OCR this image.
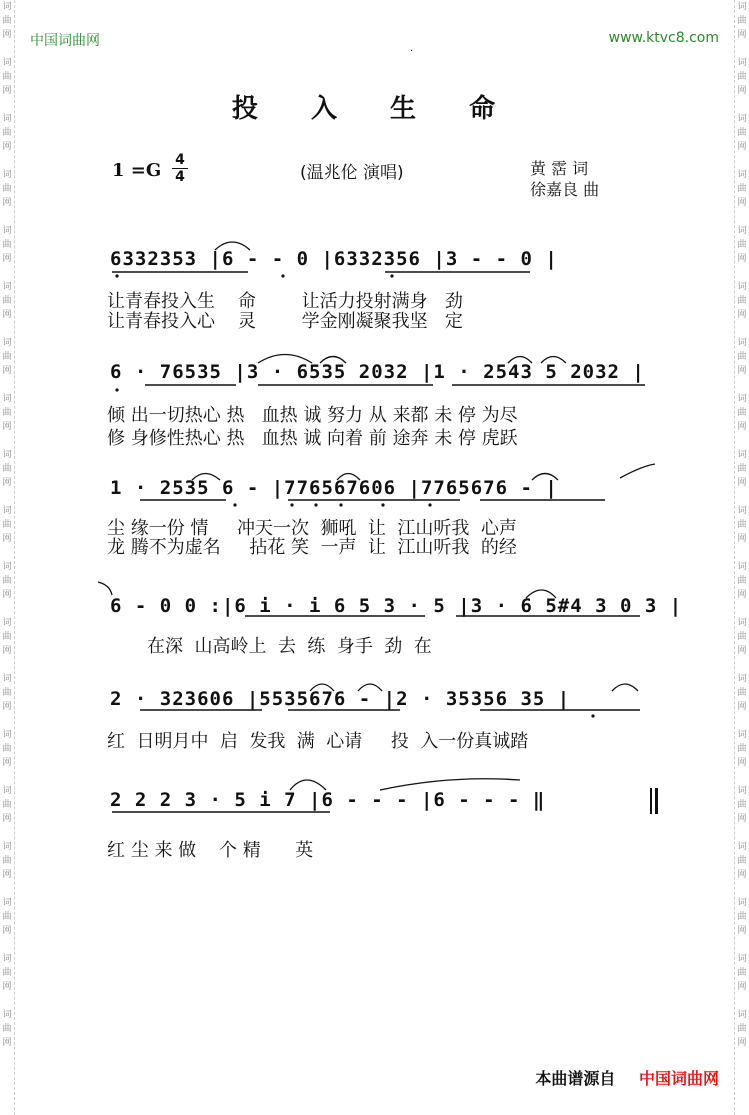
词曲网

词曲网

词曲网

词曲网

词曲网

词曲网

词曲网

词曲网

词曲网

词曲网

词曲网

词曲网

词曲网

词曲网

词曲网

词曲网

词曲网

词曲网

词曲网

词曲网

词曲网

词曲网

词曲网

词曲网

词曲网

词曲网

词曲网

词曲网

词曲网

词曲网

词曲网

词曲网

词曲网

词曲网

词曲网

词曲网

词曲网

词曲网

中国词曲网	www.ktvc8.com
.
投 入 生 命
1 =G 4
4	(温兆伦 演唱)	黄 霑 词
徐嘉良 曲
6332353 |6 - - 0 |6332356 |3 - - 0 |
让青春投入生    命        让活力投射满身   劲
让青春投入心    灵        学金刚凝聚我坚   定
6 · 76535 |3 · 6535 2032 |1 · 2543 5 2032 |
倾 出一切热心 热   血热 诚 努力 从 来都 未 停 为尽
修 身修性热心 热   血热 诚 向着 前 途奔 未 停 虎跃
1 · 2535 6 - |776567606 |7765676 - |
尘 缘一份 情     冲天一次  狮吼  让  江山听我  心声
龙 腾不为虚名     拈花 笑  一声  让  江山听我  的经
6 - 0 0 :|6 i · i 6 5 3 · 5 |3 · 6 5#4 3 0 3 |
在深  山高岭上  去  练  身手  劲  在
2 · 323606 |5535676 - |2 · 35356 35 |
红  日明月中  启  发我  满  心请     投  入一份真诚踏
2 2 2 3 · 5 i 7 |6 - - - |6 - - - ‖
红 尘 来 做    个 精      英
本曲谱源自 中国词曲网
